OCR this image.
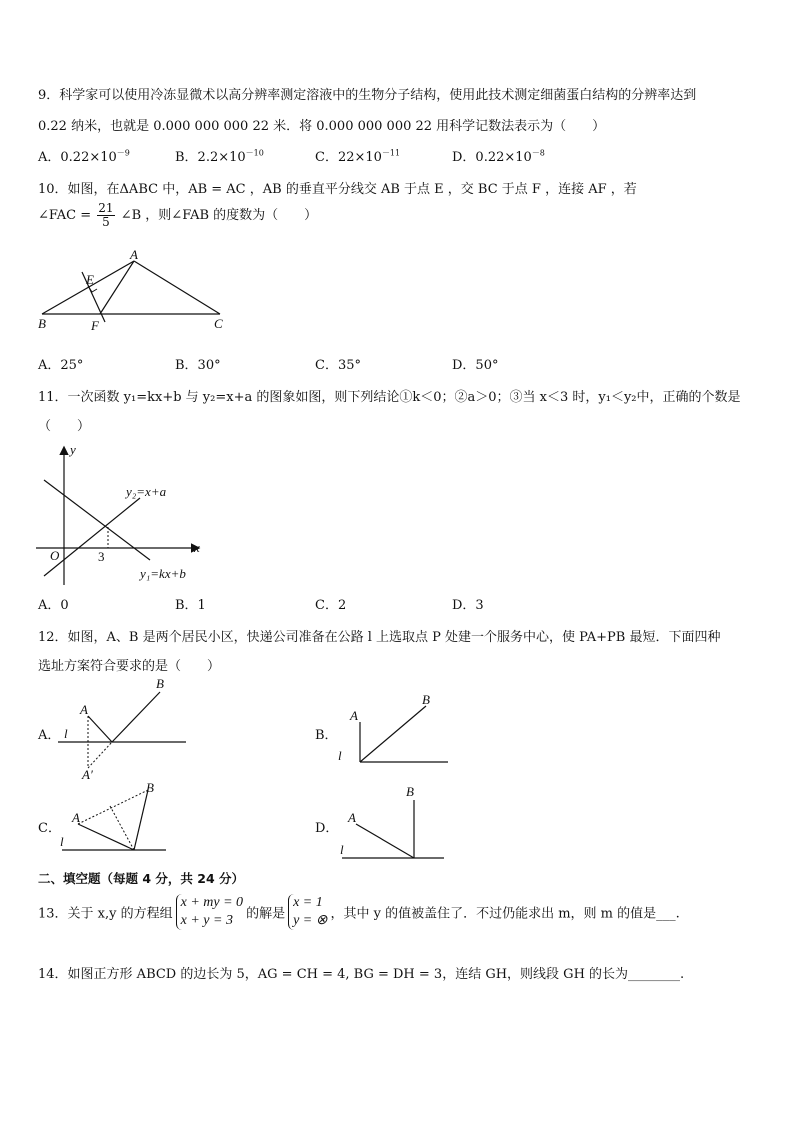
9．科学家可以使用冷冻显微术以高分辨率测定溶液中的生物分子结构，使用此技术测定细菌蛋白结构的分辨率达到
0.22 纳米，也就是 0.000 000 000 22 米．将 0.000 000 000 22 用科学记数法表示为（　　）
A．$0.22\times 10^{-9}$	B．$2.2\times 10^{-10}$	C．$22\times 10^{-11}$	D．$0.22\times 10^{-8}$
10．如图，在ΔABC 中，AB = AC ，AB 的垂直平分线交 AB 于点 E ，交 BC 于点 F ，连接 AF ，若
∠FAC = $\frac{21}{5}$ ∠B ，则∠FAB 的度数为（　　）
A
B	C
E
F
A．25°	B．30°	C．35°	D．50°
11．一次函数 y₁=kx+b 与 y₂=x+a 的图象如图，则下列结论①k＜0；②a＞0；③当 x＜3 时，y₁＜y₂中，正确的个数是
（　　）
y
x
O	3
y₂=x+a
y₁=kx+b
A．0	B．1	C．2	D．3
12．如图，A、B 是两个居民小区，快递公司准备在公路 l 上选取点 P 处建一个服务中心，使 PA+PB 最短．下面四种
选址方案符合要求的是（　　）
A．
A
B
l
A′
B．
A
B
l
C．
A
B
l
D．
A
B
l
二、填空题（每题 4 分，共 24 分）
13．关于 x,y 的方程组
x + my = 0
x + y = 3	的解是
x = 1
y = ⊗ ，其中 y 的值被盖住了．不过仍能求出 m，则 m 的值是___.
14．如图正方形 ABCD 的边长为 5，AG = CH = 4, BG = DH = 3，连结 GH，则线段 GH 的长为________.
